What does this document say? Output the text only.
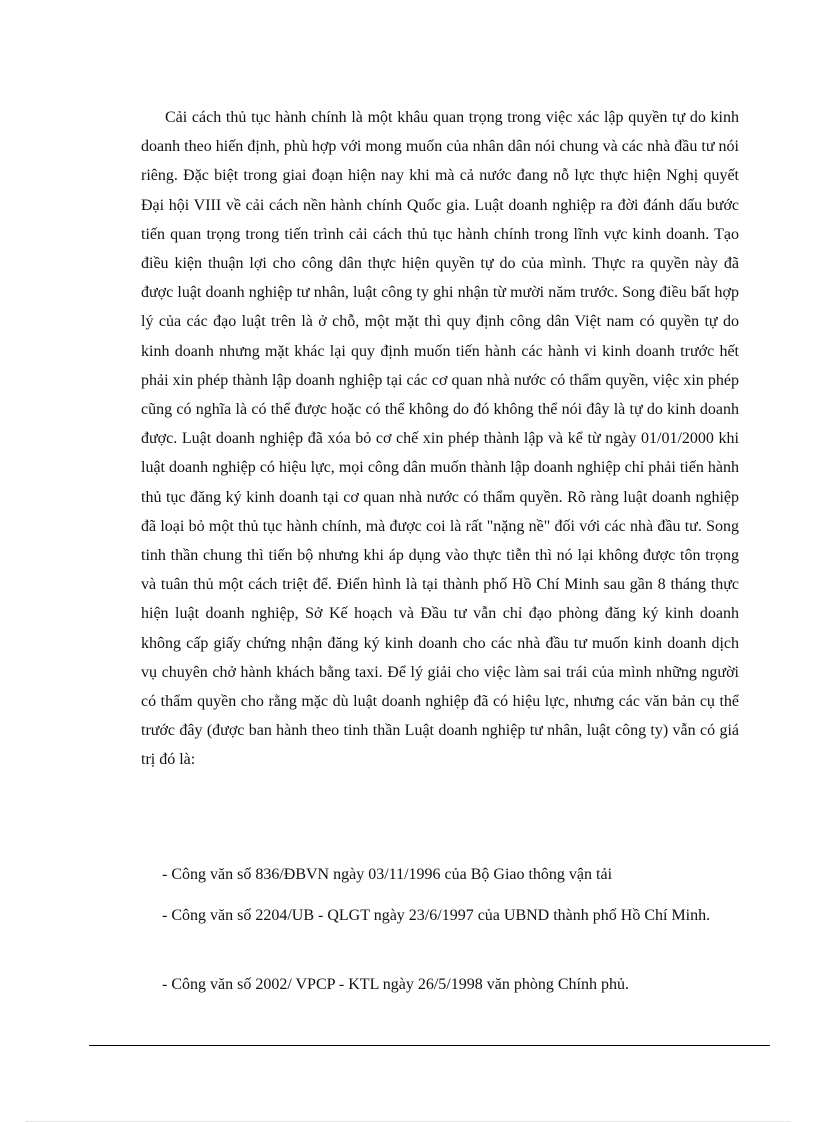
Cải cách thủ tục hành chính là một khâu quan trọng trong việc xác lập quyền tự do kinh doanh theo hiến định, phù hợp với mong muốn của nhân dân nói chung và các nhà đầu tư nói riêng. Đặc biệt trong giai đoạn hiện nay khi mà cả nước đang nỗ lực thực hiện Nghị quyết Đại hội VIII về cải cách nền hành chính Quốc gia. Luật doanh nghiệp ra đời đánh dấu bước tiến quan trọng trong tiến trình cải cách thủ tục hành chính trong lĩnh vực kinh doanh. Tạo điều kiện thuận lợi cho công dân thực hiện quyền tự do của mình. Thực ra quyền này đã được luật doanh nghiệp tư nhân, luật công ty ghi nhận từ mười năm trước. Song điều bất hợp lý của các đạo luật trên là ở chỗ, một mặt thì quy định công dân Việt nam có quyền tự do kinh doanh nhưng mặt khác lại quy định muốn tiến hành các hành vi kinh doanh trước hết phải xin phép thành lập doanh nghiệp tại các cơ quan nhà nước có thẩm quyền, việc xin phép cũng có nghĩa là có thể được hoặc có thể không do đó không thể nói đây là tự do kinh doanh được. Luật doanh nghiệp đã xóa bỏ cơ chế xin phép thành lập và kể từ ngày 01/01/2000 khi luật doanh nghiệp có hiệu lực, mọi công dân muốn thành lập doanh nghiệp chỉ phải tiến hành thủ tục đăng ký kinh doanh tại cơ quan nhà nước có thẩm quyền. Rõ ràng luật doanh nghiệp đã loại bỏ một thủ tục hành chính, mà được coi là rất "nặng nề" đối với các nhà đầu tư. Song tinh thần chung thì tiến bộ nhưng khi áp dụng vào thực tiễn thì nó lại không được tôn trọng và tuân thủ một cách triệt để. Điển hình là tại thành phố Hồ Chí Minh sau gần 8 tháng thực hiện luật doanh nghiệp, Sở Kế hoạch và Đầu tư vẫn chỉ đạo phòng đăng ký kinh doanh không cấp giấy chứng nhận đăng ký kinh doanh cho các nhà đầu tư muốn kinh doanh dịch vụ chuyên chở hành khách bằng taxi. Để lý giải cho việc làm sai trái của mình những người có thẩm quyền cho rằng mặc dù luật doanh nghiệp đã có hiệu lực, nhưng các văn bản cụ thể trước đây (được ban hành theo tinh thần Luật doanh nghiệp tư nhân, luật công ty) vẫn có giá trị đó là:

- Công văn số 836/ĐBVN ngày 03/11/1996 của Bộ Giao thông vận tải

- Công văn số 2204/UB - QLGT ngày 23/6/1997 của UBND thành phố Hồ Chí Minh.

- Công văn số 2002/ VPCP - KTL ngày 26/5/1998 văn phòng Chính phủ.
